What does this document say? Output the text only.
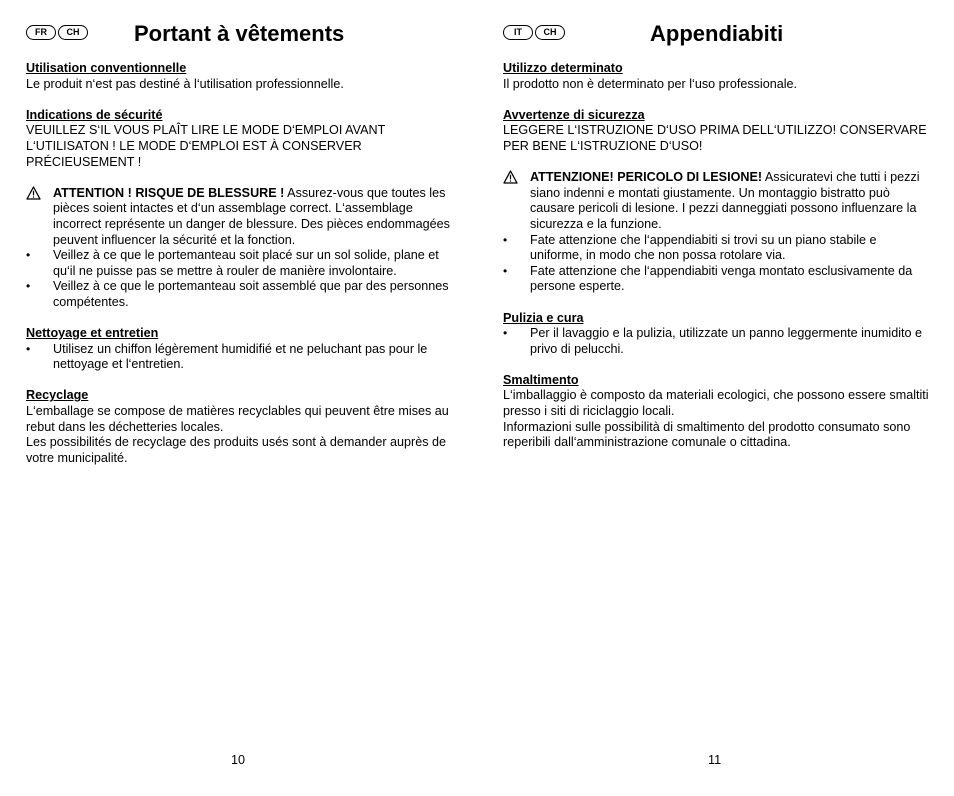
FR	CH	Portant à vêtements
Utilisation conventionnelle

Le produit n‘est pas destiné à l‘utilisation professionnelle.

Indications de sécurité

VEUILLEZ S‘IL VOUS PLAÎT LIRE LE MODE D‘EMPLOI AVANT L‘UTILISATON ! LE MODE D‘EMPLOI EST À CONSERVER PRÉCIEUSEMENT !

ATTENTION ! RISQUE DE BLESSURE ! Assurez-vous que toutes les pièces soient intactes et d‘un assemblage correct. L‘assemblage incorrect représente un danger de blessure. Des pièces endommagées peuvent influencer la sécurité et la fonction.
•	Veillez à ce que le portemanteau soit placé sur un sol solide, plane et qu‘il ne puisse pas se mettre à rouler de manière involontaire.
•	Veillez à ce que le portemanteau soit assemblé que par des personnes compétentes.
Nettoyage et entretien
•	Utilisez un chiffon légèrement humidifié et ne peluchant pas pour le nettoyage et l‘entretien.
Recyclage

L‘emballage se compose de matières recyclables qui peuvent être mises au rebut dans les déchetteries locales.

Les possibilités de recyclage des produits usés sont à demander auprès de votre municipalité.

10
IT	CH	Appendiabiti
Utilizzo determinato

Il prodotto non è determinato per l‘uso professionale.

Avvertenze di sicurezza

LEGGERE L‘ISTRUZIONE D‘USO PRIMA DELL‘UTILIZZO! CONSERVARE PER BENE L‘ISTRUZIONE D‘USO!

ATTENZIONE! PERICOLO DI LESIONE! Assicuratevi che tutti i pezzi siano indenni e montati giustamente. Un montaggio bistratto può causare pericoli di lesione. I pezzi danneggiati possono influenzare la sicurezza e la funzione.
•	Fate attenzione che l‘appendiabiti si trovi su un piano stabile e uniforme, in modo che non possa rotolare via.
•	Fate attenzione che l‘appendiabiti venga montato esclusivamente da persone esperte.
Pulizia e cura
•	Per il lavaggio e la pulizia, utilizzate un panno leggermente inumidito e privo di pelucchi.
Smaltimento

L‘imballaggio è composto da materiali ecologici, che possono essere smaltiti presso i siti di riciclaggio locali.

Informazioni sulle possibilità di smaltimento del prodotto consumato sono reperibili dall‘amministrazione comunale o cittadina.

11
